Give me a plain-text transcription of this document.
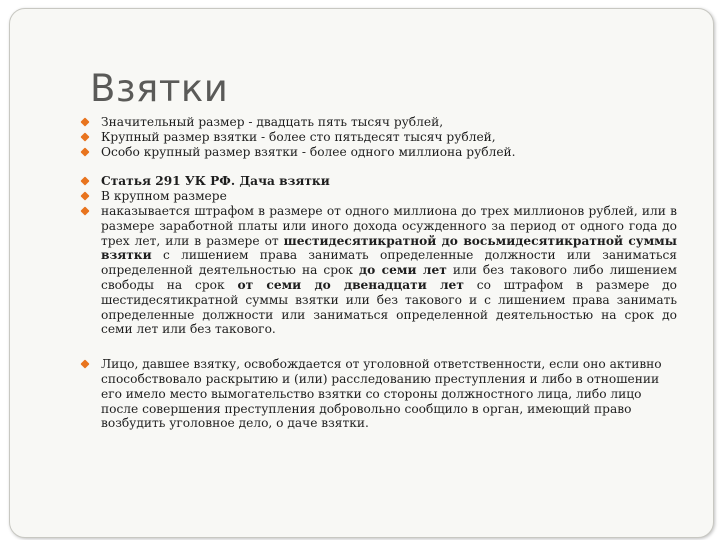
Взятки
Значительный размер - двадцать пять тысяч рублей,
Крупный размер взятки - более сто пятьдесят тысяч рублей,
Особо крупный размер взятки - более одного миллиона рублей.
Статья 291 УК РФ. Дача взятки
В крупном размере
наказывается штрафом в размере от одного миллиона до трех миллионов рублей, или в размере заработной платы или иного дохода осужденного за период от одного года до трех лет, или в размере от шестидесятикратной до восьмидесятикратной суммы взятки с лишением права занимать определенные должности или заниматься определенной деятельностью на срок до семи лет или без такового либо лишением свободы на срок от семи до двенадцати лет со штрафом в размере до шестидесятикратной суммы взятки или без такового и с лишением права занимать определенные должности или заниматься определенной деятельностью на срок до семи лет или без такового.
Лицо, давшее взятку, освобождается от уголовной ответственности, если оно активно способствовало раскрытию и (или) расследованию преступления и либо в отношении его имело место вымогательство взятки со стороны должностного лица, либо лицо после совершения преступления добровольно сообщило в орган, имеющий право возбудить уголовное дело, о даче взятки.
